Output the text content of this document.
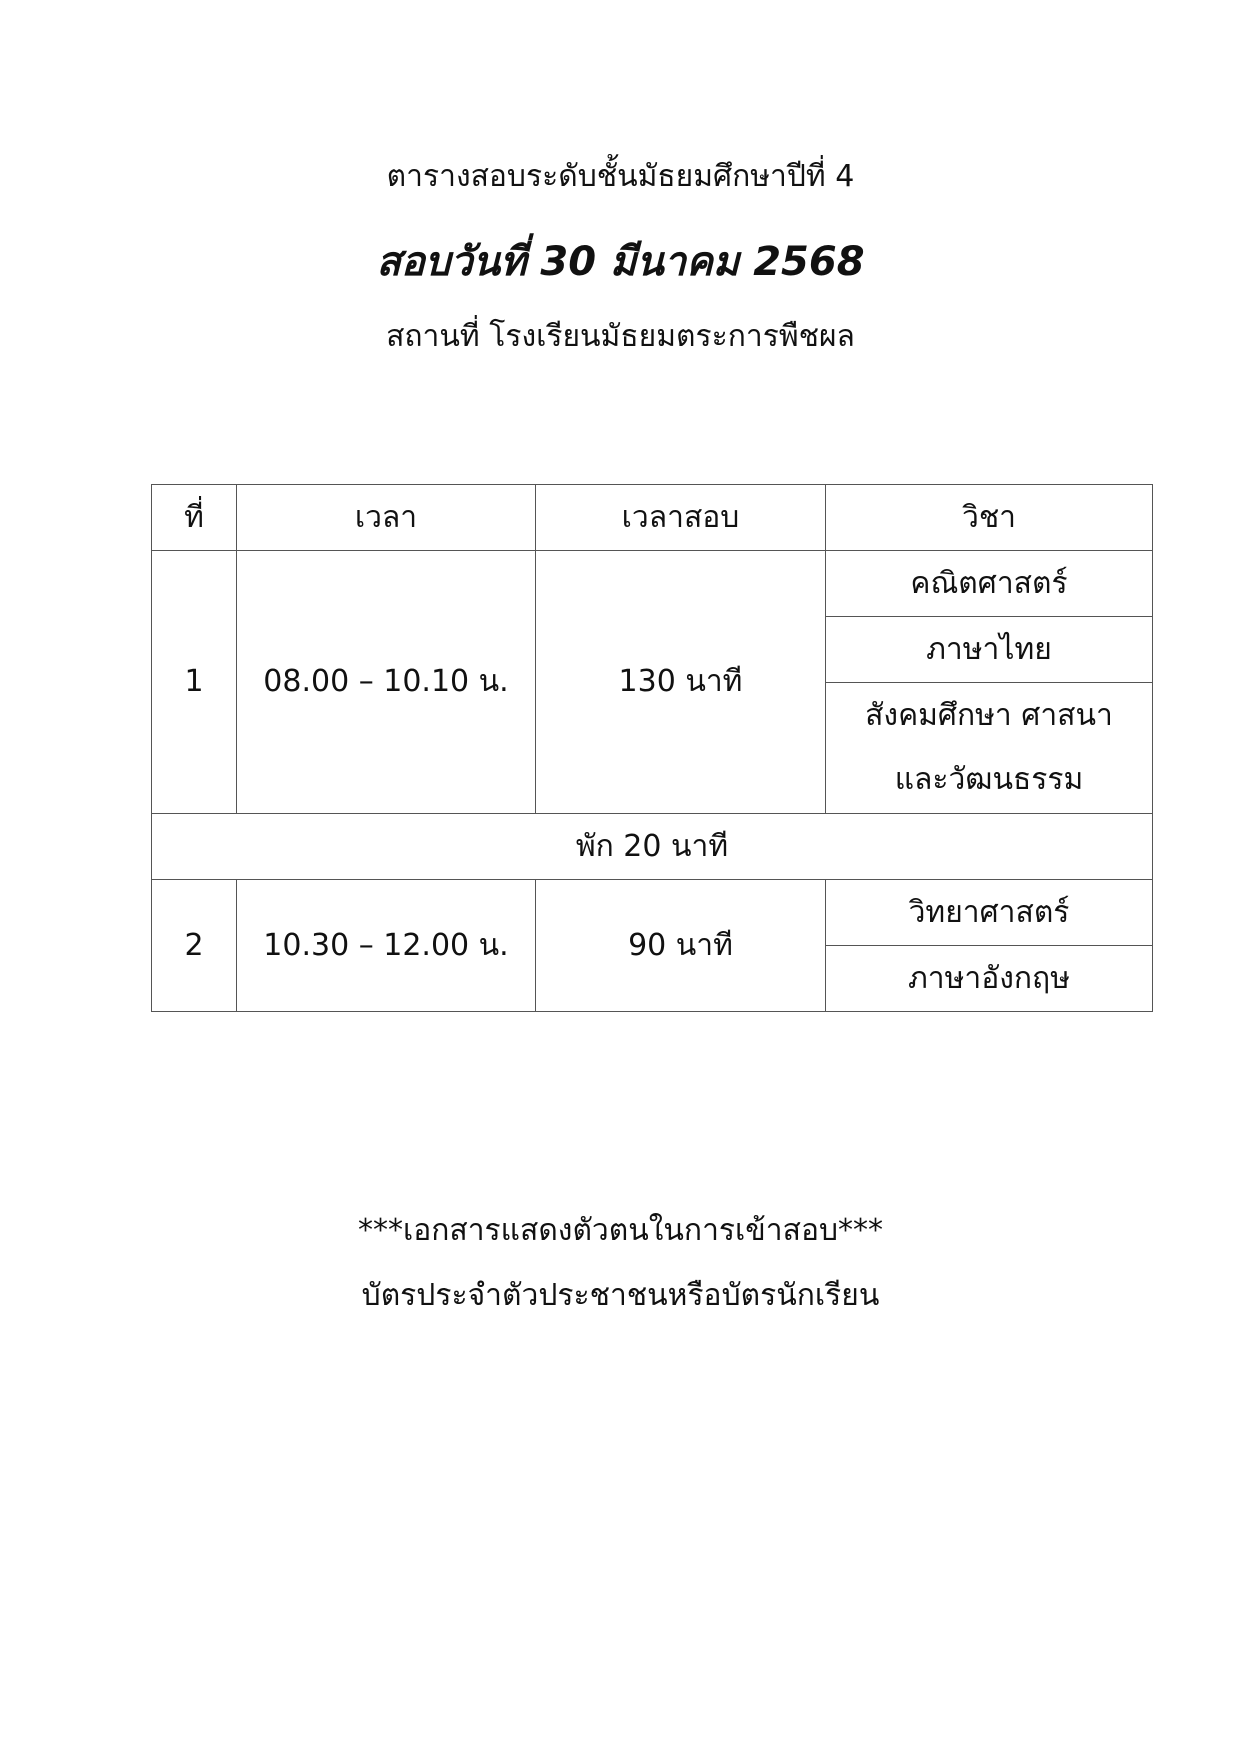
ตารางสอบระดับชั้นมัธยมศึกษาปีที่ 4
สอบวันที่ 30 มีนาคม 2568
สถานที่ โรงเรียนมัธยมตระการพืชผล
ที่	เวลา	เวลาสอบ	วิชา
1	08.00 – 10.10 น.	130 นาที	คณิตศาสตร์
			ภาษาไทย

			สังคมศึกษา ศาสนา
และวัฒนธรรม

พัก 20 นาที			
2	10.30 – 12.00 น.	90 นาที	วิทยาศาสตร์
			ภาษาอังกฤษ
***เอกสารแสดงตัวตนในการเข้าสอบ***
บัตรประจำตัวประชาชนหรือบัตรนักเรียน
